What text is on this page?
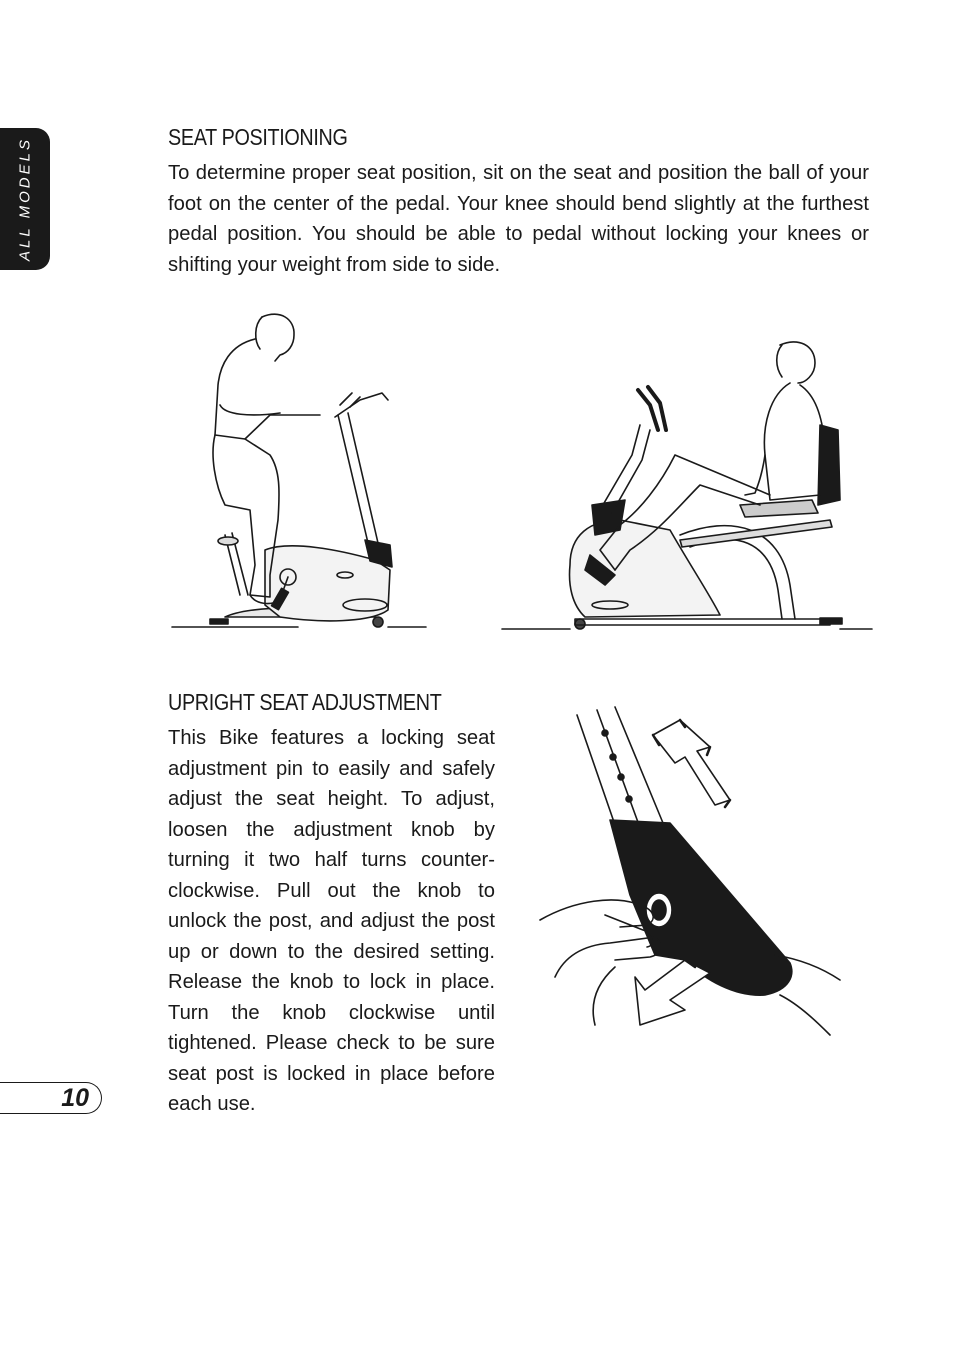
ALL MODELS
SEAT POSITIONING

To determine proper seat position, sit on the seat and position the ball of your foot on the center of the pedal. Your knee should bend slightly at the furthest pedal position. You should be able to pedal without locking your knees or shifting your weight from side to side.

UPRIGHT SEAT ADJUSTMENT

This Bike features a locking seat adjustment pin to easily and safely adjust the seat height. To adjust, loosen the adjustment knob by turning it two half turns counter-clockwise. Pull out the knob to unlock the post, and adjust the post up or down to the desired setting. Release the knob to lock in place. Turn the knob clockwise until tightened. Please check to be sure seat post is locked in place before each use.

10
